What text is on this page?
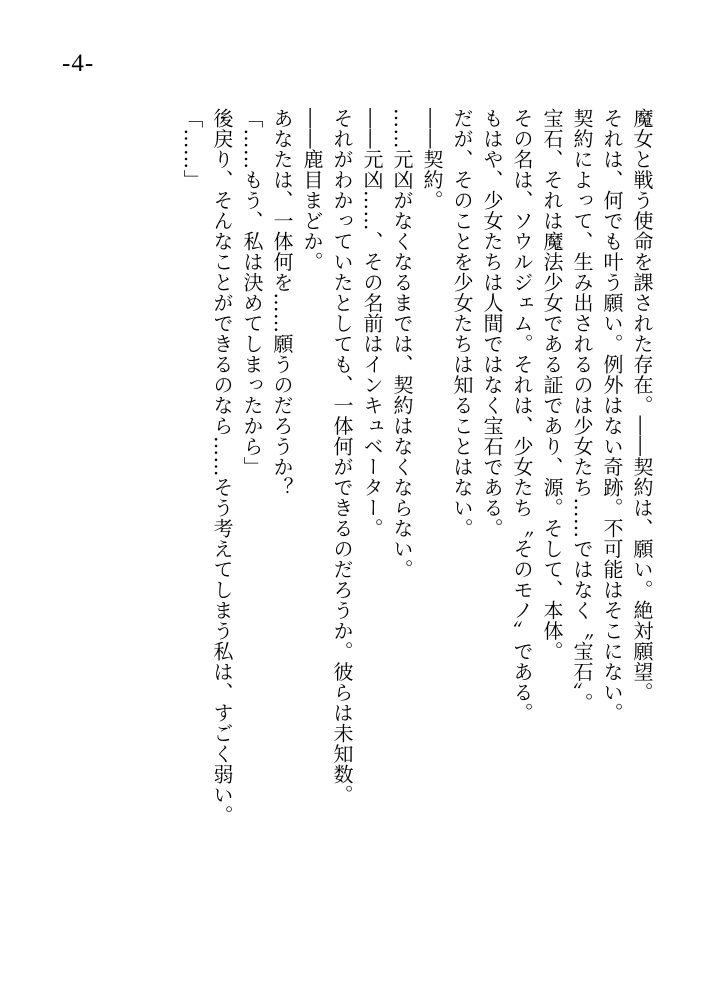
-4-
魔女と戦う使命を課された存在。――契約は、願い。絶対願望。
それは、何でも叶う願い。例外はない奇跡。不可能はそこにない。
契約によって、生み出されるのは少女たち……ではなく〝宝石〟。
宝石、それは魔法少女である証であり、源。そして、本体。
その名は、ソウルジェム。それは、少女たち〝そのモノ〟である。
もはや、少女たちは人間ではなく宝石である。
だが、そのことを少女たちは知ることはない。
――契約。
……元凶がなくなるまでは、契約はなくならない。
――元凶……、その名前はインキュベーター。
それがわかっていたとしても、一体何ができるのだろうか。彼らは未知数。
――鹿目まどか。
あなたは、一体何を……願うのだろうか？
「……もう、私は決めてしまったから」
後戻り、そんなことができるのなら……そう考えてしまう私は、すごく弱い。
「……」
